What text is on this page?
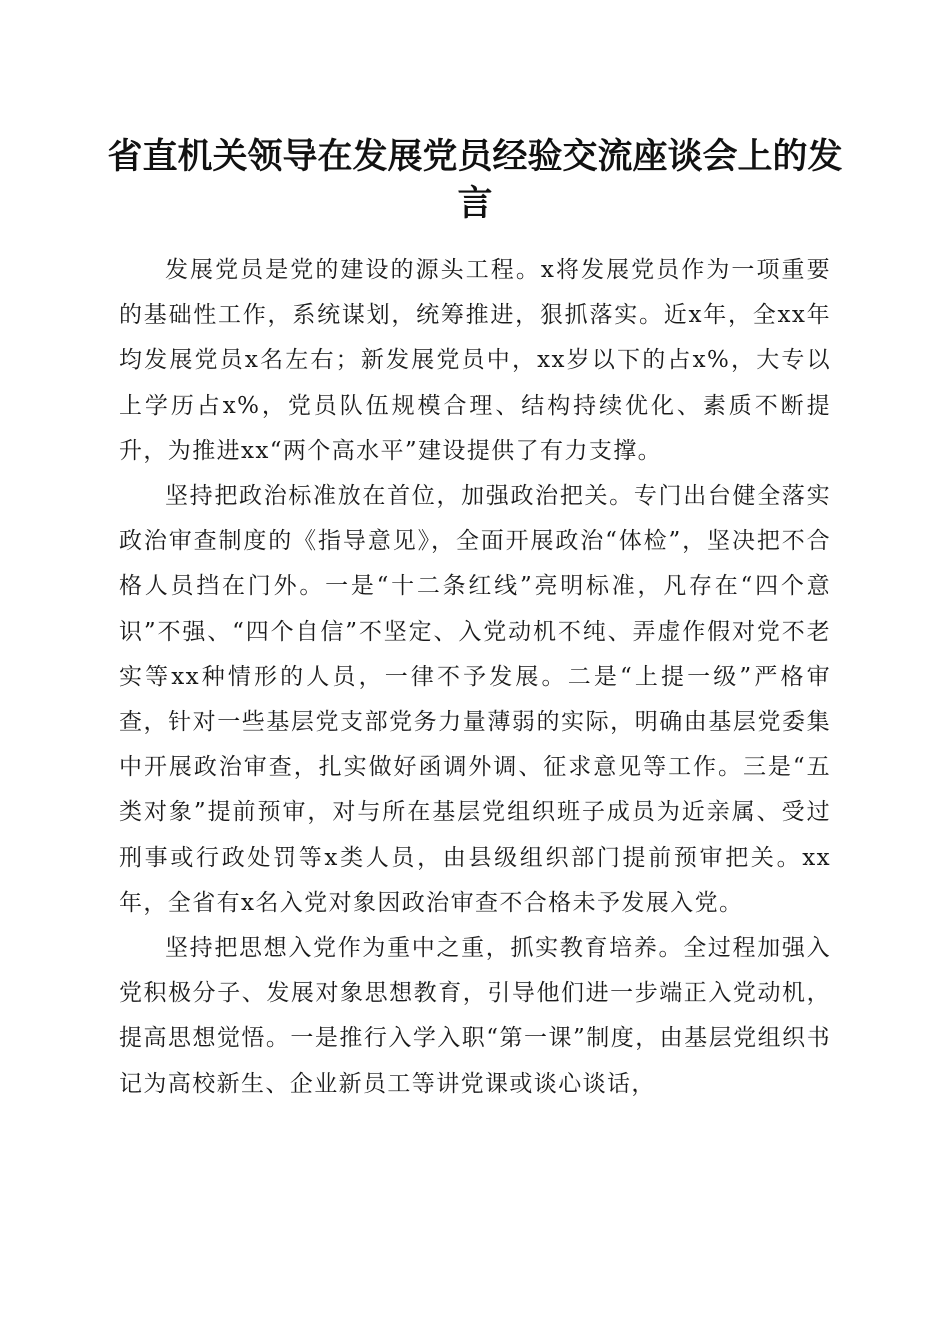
省直机关领导在发展党员经验交流座谈会上的发言

发展党员是党的建设的源头工程。x将发展党员作为一项重要的基础性工作，系统谋划，统筹推进，狠抓落实。近x年，全xx年均发展党员x名左右；新发展党员中，xx岁以下的占x%，大专以上学历占x%，党员队伍规模合理、结构持续优化、素质不断提升，为推进xx“两个高水平”建设提供了有力支撑。

坚持把政治标准放在首位，加强政治把关。专门出台健全落实政治审查制度的《指导意见》，全面开展政治“体检”，坚决把不合格人员挡在门外。一是“十二条红线”亮明标准，凡存在“四个意识”不强、“四个自信”不坚定、入党动机不纯、弄虚作假对党不老实等xx种情形的人员，一律不予发展。二是“上提一级”严格审查，针对一些基层党支部党务力量薄弱的实际，明确由基层党委集中开展政治审查，扎实做好函调外调、征求意见等工作。三是“五类对象”提前预审，对与所在基层党组织班子成员为近亲属、受过刑事或行政处罚等x类人员，由县级组织部门提前预审把关。xx年，全省有x名入党对象因政治审查不合格未予发展入党。

坚持把思想入党作为重中之重，抓实教育培养。全过程加强入党积极分子、发展对象思想教育，引导他们进一步端正入党动机，提高思想觉悟。一是推行入学入职“第一课”制度，由基层党组织书记为高校新生、企业新员工等讲党课或谈心谈话，
